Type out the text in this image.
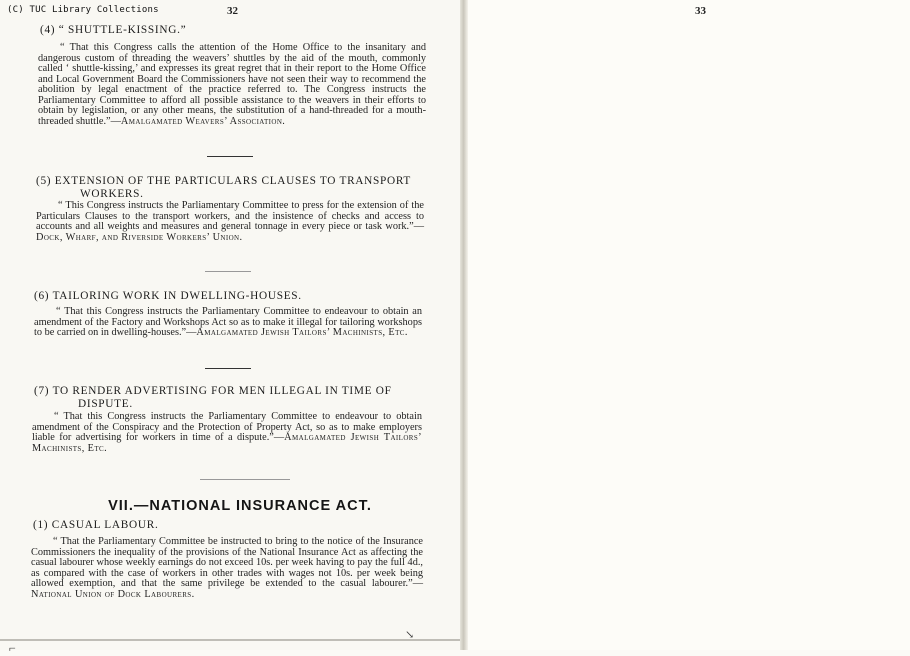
(C) TUC Library Collections	32	33
(4) “ SHUTTLE-KISSING.”
“ That this Congress calls the attention of the Home Office to the insanitary and dangerous custom of threading the weavers’ shuttles by the aid of the mouth, commonly called ‘ shuttle-kissing,’ and expresses its great regret that in their report to the Home Office and Local Government Board the Commissioners have not seen their way to recommend the abolition by legal enactment of the practice referred to. The Congress instructs the Parliamentary Committee to afford all possible assistance to the weavers in their efforts to obtain by legislation, or any other means, the substitution of a hand-threaded for a mouth-threaded shuttle.”—Amalgamated Weavers’ Association.
(5) EXTENSION OF THE PARTICULARS CLAUSES TO TRANSPORT WORKERS.
“ This Congress instructs the Parliamentary Committee to press for the extension of the Particulars Clauses to the transport workers, and the insistence of checks and access to accounts and all weights and measures and general tonnage in every piece or task work.”—Dock, Wharf, and Riverside Workers’ Union.
(6) TAILORING WORK IN DWELLING-HOUSES.
“ That this Congress instructs the Parliamentary Committee to endeavour to obtain an amendment of the Factory and Workshops Act so as to make it illegal for tailoring workshops to be carried on in dwelling-houses.”—Amalgamated Jewish Tailors’ Machinists, Etc.
(7) TO RENDER ADVERTISING FOR MEN ILLEGAL IN TIME OF DISPUTE.
“ That this Congress instructs the Parliamentary Committee to endeavour to obtain amendment of the Conspiracy and the Protection of Property Act, so as to make employers liable for advertising for workers in time of a dispute.”—Amalgamated Jewish Tailors’ Machinists, Etc.
VII.—NATIONAL INSURANCE ACT.
(1) CASUAL LABOUR.
“ That the Parliamentary Committee be instructed to bring to the notice of the Insurance Commissioners the inequality of the provisions of the National Insurance Act as affecting the casual labourer whose weekly earnings do not exceed 10s. per week having to pay the full 4d., as compared with the case of workers in other trades with wages not 10s. per week being allowed exemption, and that the same privilege be extended to the casual labourer.”—National Union of Dock Labourers.
↘
⌐
